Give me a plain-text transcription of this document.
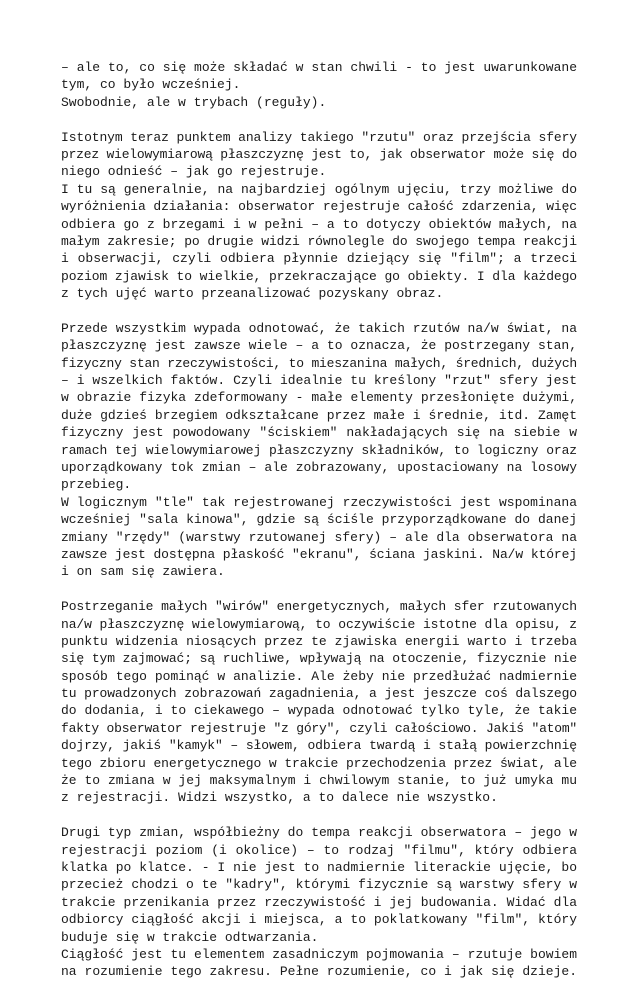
– ale to, co się może składać w stan chwili - to jest uwarunkowane
tym, co było wcześniej.
Swobodnie, ale w trybach (reguły).
Istotnym teraz punktem analizy takiego "rzutu" oraz przejścia sfery
przez wielowymiarową płaszczyznę jest to, jak obserwator może się do
niego odnieść – jak go rejestruje.
I tu są generalnie, na najbardziej ogólnym ujęciu, trzy możliwe do
wyróżnienia działania: obserwator rejestruje całość zdarzenia, więc
odbiera go z brzegami i w pełni – a to dotyczy obiektów małych, na
małym zakresie; po drugie widzi równolegle do swojego tempa reakcji
i obserwacji, czyli odbiera płynnie dziejący się "film"; a trzeci
poziom zjawisk to wielkie, przekraczające go obiekty. I dla każdego
z tych ujęć warto przeanalizować pozyskany obraz.
Przede wszystkim wypada odnotować, że takich rzutów na/w świat, na
płaszczyznę jest zawsze wiele – a to oznacza, że postrzegany stan,
fizyczny stan rzeczywistości, to mieszanina małych, średnich, dużych
– i wszelkich faktów. Czyli idealnie tu kreślony "rzut" sfery jest
w obrazie fizyka zdeformowany - małe elementy przesłonięte dużymi,
duże gdzieś brzegiem odkształcane przez małe i średnie, itd. Zamęt
fizyczny jest powodowany "ściskiem" nakładających się na siebie w
ramach tej wielowymiarowej płaszczyzny składników, to logiczny oraz
uporządkowany tok zmian – ale zobrazowany, upostaciowany na losowy
przebieg.
W logicznym "tle" tak rejestrowanej rzeczywistości jest wspominana
wcześniej "sala kinowa", gdzie są ściśle przyporządkowane do danej
zmiany "rzędy" (warstwy rzutowanej sfery) – ale dla obserwatora na
zawsze jest dostępna płaskość "ekranu", ściana jaskini. Na/w której
i on sam się zawiera.
Postrzeganie małych "wirów" energetycznych, małych sfer rzutowanych
na/w płaszczyznę wielowymiarową, to oczywiście istotne dla opisu, z
punktu widzenia niosących przez te zjawiska energii warto i trzeba
się tym zajmować; są ruchliwe, wpływają na otoczenie, fizycznie nie
sposób tego pominąć w analizie. Ale żeby nie przedłużać nadmiernie
tu prowadzonych zobrazowań zagadnienia, a jest jeszcze coś dalszego
do dodania, i to ciekawego – wypada odnotować tylko tyle, że takie
fakty obserwator rejestruje "z góry", czyli całościowo. Jakiś "atom"
dojrzy, jakiś "kamyk" – słowem, odbiera twardą i stałą powierzchnię
tego zbioru energetycznego w trakcie przechodzenia przez świat, ale
że to zmiana w jej maksymalnym i chwilowym stanie, to już umyka mu
z rejestracji. Widzi wszystko, a to dalece nie wszystko.
Drugi typ zmian, współbieżny do tempa reakcji obserwatora – jego w
rejestracji poziom (i okolice) – to rodzaj "filmu", który odbiera
klatka po klatce. - I nie jest to nadmiernie literackie ujęcie, bo
przecież chodzi o te "kadry", którymi fizycznie są warstwy sfery w
trakcie przenikania przez rzeczywistość i jej budowania. Widać dla
odbiorcy ciągłość akcji i miejsca, a to poklatkowany "film", który
buduje się w trakcie odtwarzania.
Ciągłość jest tu elementem zasadniczym pojmowania – rzutuje bowiem
na rozumienie tego zakresu. Pełne rozumienie, co i jak się dzieje.
